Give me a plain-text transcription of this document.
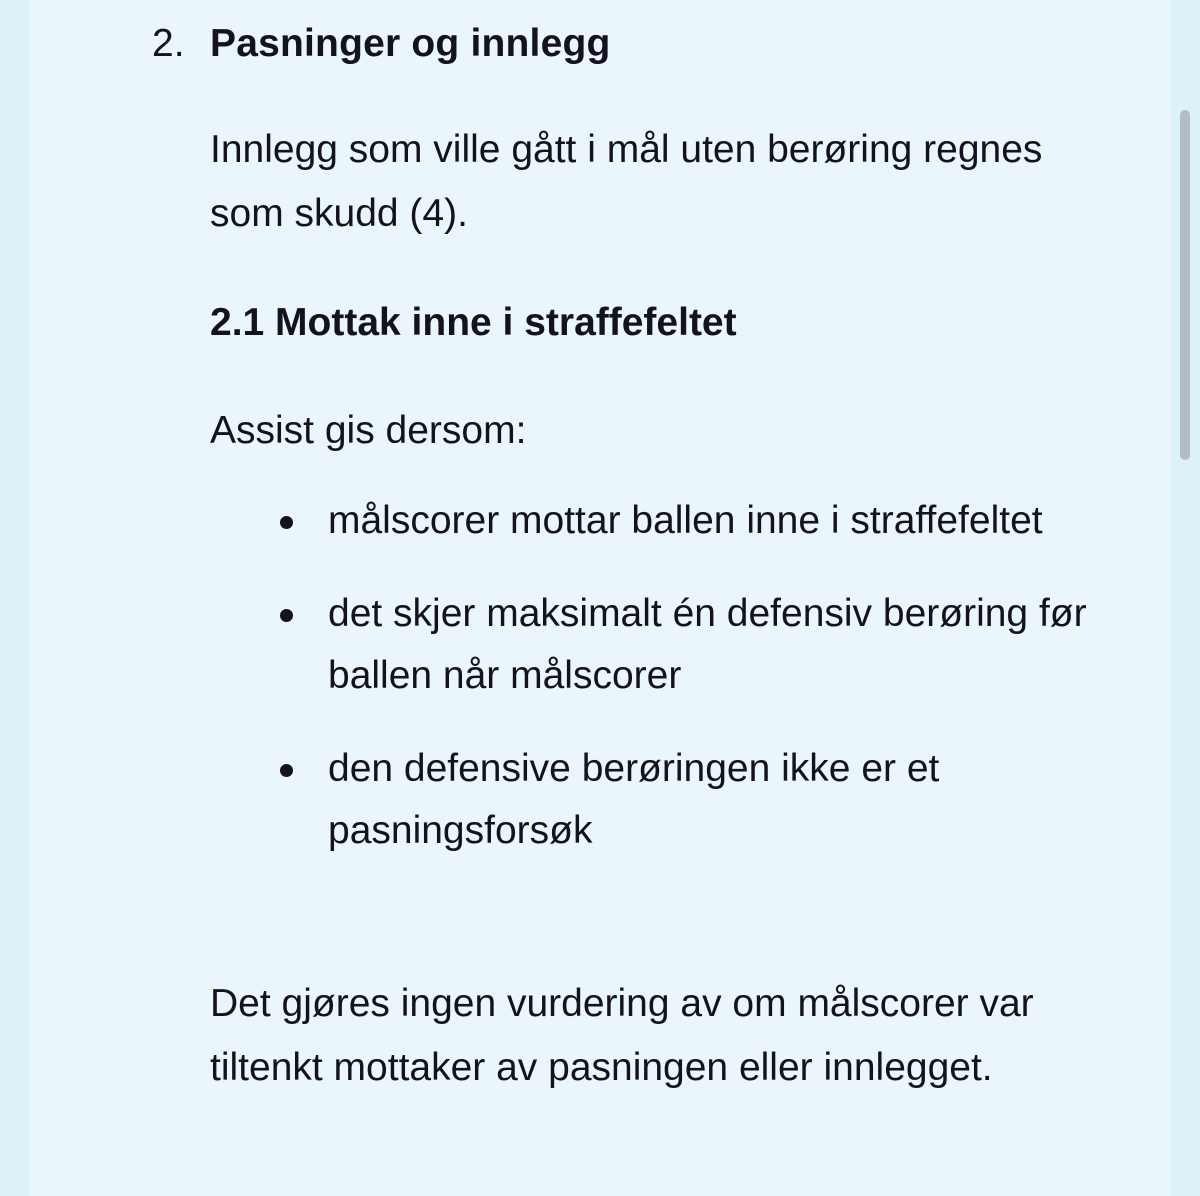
2. Pasninger og innlegg

Innlegg som ville gått i mål uten berøring regnes som skudd (4).

2.1 Mottak inne i straffefeltet

Assist gis dersom:

målscorer mottar ballen inne i straffefeltet
det skjer maksimalt én defensiv berøring før ballen når målscorer
den defensive berøringen ikke er et pasningsforsøk

Det gjøres ingen vurdering av om målscorer var tiltenkt mottaker av pasningen eller innlegget.
